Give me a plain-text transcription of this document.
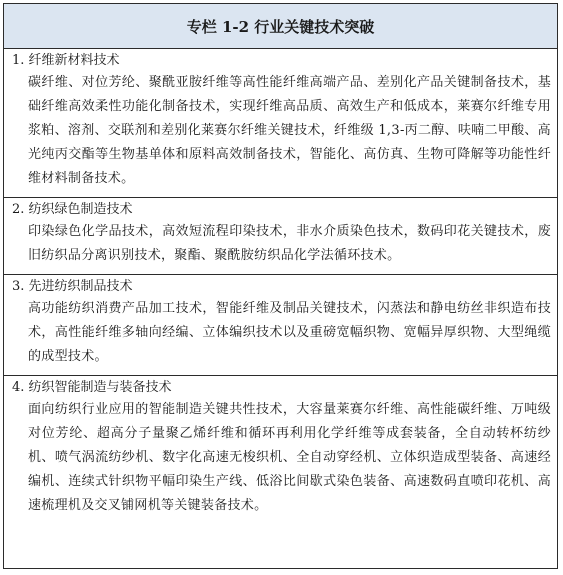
专栏 1-2 行业关键技术突破
1. 纤维新材料技术
碳纤维、对位芳纶、聚酰亚胺纤维等高性能纤维高端产品、差别化产品关键制备技术，基础纤维高效柔性功能化制备技术，实现纤维高品质、高效生产和低成本，莱赛尔纤维专用浆粕、溶剂、交联剂和差别化莱赛尔纤维关键技术，纤维级 1,3-丙二醇、呋喃二甲酸、高光纯丙交酯等生物基单体和原料高效制备技术，智能化、高仿真、生物可降解等功能性纤维材料制备技术。
2. 纺织绿色制造技术
印染绿色化学品技术，高效短流程印染技术，非水介质染色技术，数码印花关键技术，废旧纺织品分离识别技术，聚酯、聚酰胺纺织品化学法循环技术。
3. 先进纺织制品技术
高功能纺织消费产品加工技术，智能纤维及制品关键技术，闪蒸法和静电纺丝非织造布技术，高性能纤维多轴向经编、立体编织技术以及重磅宽幅织物、宽幅异厚织物、大型绳缆的成型技术。
4. 纺织智能制造与装备技术
面向纺织行业应用的智能制造关键共性技术，大容量莱赛尔纤维、高性能碳纤维、万吨级对位芳纶、超高分子量聚乙烯纤维和循环再利用化学纤维等成套装备，全自动转杯纺纱机、喷气涡流纺纱机、数字化高速无梭织机、全自动穿经机、立体织造成型装备、高速经编机、连续式针织物平幅印染生产线、低浴比间歇式染色装备、高速数码直喷印花机、高速梳理机及交叉铺网机等关键装备技术。
